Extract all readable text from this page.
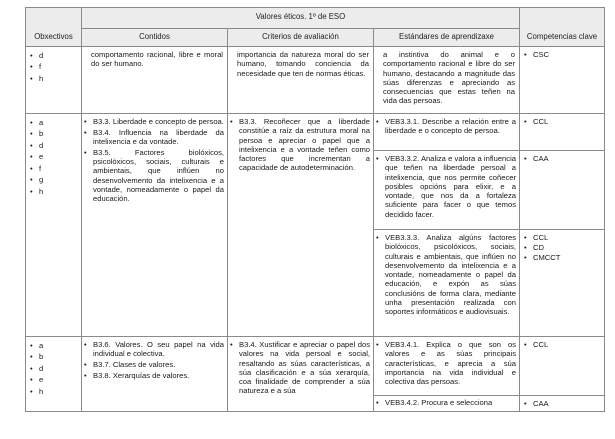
Valores éticos. 1º de ESO
Obxectivos	Contidos	Criterios de avaliación	Estándares de aprendizaxe	Competencias clave
• d
• f
• h
comportamento racional, libre e moral do ser humano.
importancia da natureza moral do ser humano, tomando conciencia da necesidade que ten de normas éticas.
a instintiva do animal e o comportamento racional e libre do ser humano, destacando a magnitude das súas diferenzas e apreciando as consecuencias que estas teñen na vida das persoas.
• CSC
• a
• b
• d
• e
• f
• g
• h
• B3.3. Liberdade e concepto de persoa.
• B3.4. Influencia na liberdade da intelixencia e da vontade.
• B3.5. Factores biolóxicos, psicolóxicos, sociais, culturais e ambientais, que inflúen no desenvolvemento da intelixencia e a vontade, nomeadamente o papel da educación.
• B3.3. Recoñecer que a liberdade constitúe a raíz da estrutura moral na persoa e apreciar o papel que a intelixencia e a vontade teñen como factores que incrementan a capacidade de autodeterminación.
• VEB3.3.1. Describe a relación entre a liberdade e o concepto de persoa.
• CCL
• VEB3.3.2. Analiza e valora a influencia que teñen na liberdade persoal a intelixencia, que nos permite coñecer posibles opcións para elixir, e a vontade, que nos da a fortaleza suficiente para facer o que temos decidido facer.
• CAA
• VEB3.3.3. Analiza algúns factores biolóxicos, psicolóxicos, sociais, culturais e ambientais, que inflúen no desenvolvemento da intelixencia e a vontade, nomeadamente o papel da educación, e expón as súas conclusións de forma clara, mediante unha presentación realizada con soportes informáticos e audiovisuais.
• CCL
• CD
• CMCCT
• a
• b
• d
• e
• h
• B3.6. Valores. O seu papel na vida individual e colectiva.
• B3.7. Clases de valores.
• B3.8. Xerarquías de valores.
• B3.4. Xustificar e apreciar o papel dos valores na vida persoal e social, resaltando as súas características, a súa clasificación e a súa xerarquía, coa finalidade de comprender a súa natureza e a súa
• VEB3.4.1. Explica o que son os valores e as súas principais características, e aprecia a súa importancia na vida individual e colectiva das persoas.
• CCL
• VEB3.4.2. Procura e selecciona
•	CAA
